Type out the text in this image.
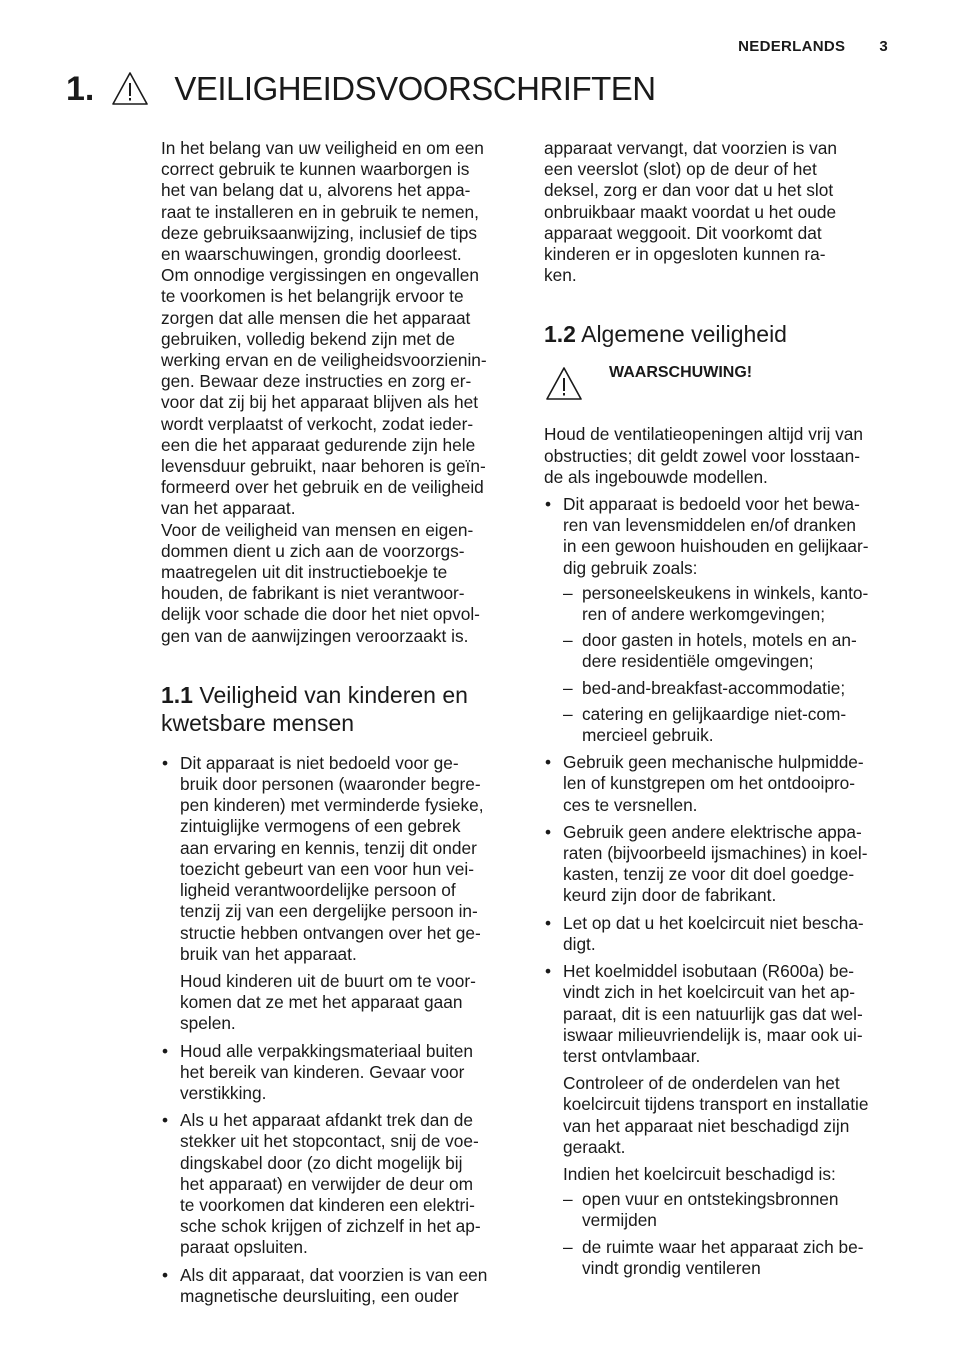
NEDERLANDS 3
1. VEILIGHEIDSVOORSCHRIFTEN

In het belang van uw veiligheid en om een
correct gebruik te kunnen waarborgen is
het van belang dat u, alvorens het appa-
raat te installeren en in gebruik te nemen,
deze gebruiksaanwijzing, inclusief de tips
en waarschuwingen, grondig doorleest.
Om onnodige vergissingen en ongevallen
te voorkomen is het belangrijk ervoor te
zorgen dat alle mensen die het apparaat
gebruiken, volledig bekend zijn met de
werking ervan en de veiligheidsvoorzienin-
gen. Bewaar deze instructies en zorg er-
voor dat zij bij het apparaat blijven als het
wordt verplaatst of verkocht, zodat ieder-
een die het apparaat gedurende zijn hele
levensduur gebruikt, naar behoren is geïn-
formeerd over het gebruik en de veiligheid
van het apparaat.

Voor de veiligheid van mensen en eigen-
dommen dient u zich aan de voorzorgs-
maatregelen uit dit instructieboekje te
houden, de fabrikant is niet verantwoor-
delijk voor schade die door het niet opvol-
gen van de aanwijzingen veroorzaakt is.

1.1 Veiligheid van kinderen en
kwetsbare mensen

• Dit apparaat is niet bedoeld voor ge-
bruik door personen (waaronder begre-
pen kinderen) met verminderde fysieke,
zintuiglijke vermogens of een gebrek
aan ervaring en kennis, tenzij dit onder
toezicht gebeurt van een voor hun vei-
ligheid verantwoordelijke persoon of
tenzij zij van een dergelijke persoon in-
structie hebben ontvangen over het ge-
bruik van het apparaat.

Houd kinderen uit de buurt om te voor-
komen dat ze met het apparaat gaan
spelen.

• Houd alle verpakkingsmateriaal buiten
het bereik van kinderen. Gevaar voor
verstikking.

• Als u het apparaat afdankt trek dan de
stekker uit het stopcontact, snij de voe-
dingskabel door (zo dicht mogelijk bij
het apparaat) en verwijder de deur om
te voorkomen dat kinderen een elektri-
sche schok krijgen of zichzelf in het ap-
paraat opsluiten.

• Als dit apparaat, dat voorzien is van een
magnetische deursluiting, een ouder

apparaat vervangt, dat voorzien is van
een veerslot (slot) op de deur of het
deksel, zorg er dan voor dat u het slot
onbruikbaar maakt voordat u het oude
apparaat weggooit. Dit voorkomt dat
kinderen er in opgesloten kunnen ra-
ken.

1.2 Algemene veiligheid
WAARSCHUWING!

Houd de ventilatieopeningen altijd vrij van
obstructies; dit geldt zowel voor losstaan-
de als ingebouwde modellen.

• Dit apparaat is bedoeld voor het bewa-
ren van levensmiddelen en/of dranken
in een gewoon huishouden en gelijkaar-
dig gebruik zoals:

– personeelskeukens in winkels, kanto-
ren of andere werkomgevingen;
– door gasten in hotels, motels en an-
dere residentiële omgevingen;
– bed-and-breakfast-accommodatie;
– catering en gelijkaardige niet-com-
mercieel gebruik.

• Gebruik geen mechanische hulpmidde-
len of kunstgrepen om het ontdooipro-
ces te versnellen.

• Gebruik geen andere elektrische appa-
raten (bijvoorbeeld ijsmachines) in koel-
kasten, tenzij ze voor dit doel goedge-
keurd zijn door de fabrikant.

• Let op dat u het koelcircuit niet bescha-
digt.

• Het koelmiddel isobutaan (R600a) be-
vindt zich in het koelcircuit van het ap-
paraat, dit is een natuurlijk gas dat wel-
iswaar milieuvriendelijk is, maar ook ui-
terst ontvlambaar.

Controleer of de onderdelen van het
koelcircuit tijdens transport en installatie
van het apparaat niet beschadigd zijn
geraakt.

Indien het koelcircuit beschadigd is:

– open vuur en ontstekingsbronnen
vermijden
– de ruimte waar het apparaat zich be-
vindt grondig ventileren
